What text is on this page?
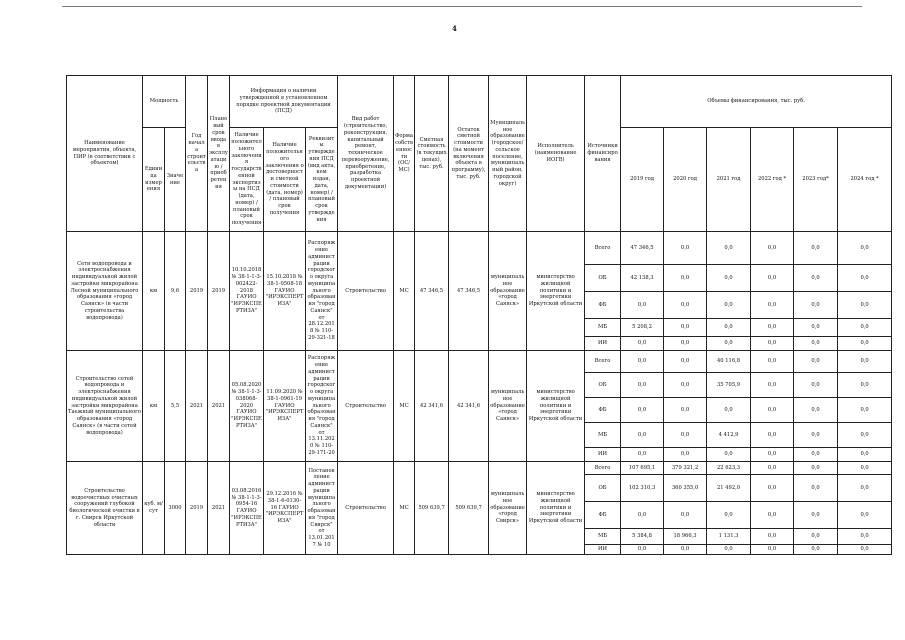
4
Наименование мероприятия, объекта, ПИР (в соответствии с объектом)	Мощность		Год начала строительства	Плановый срок ввода в эксплуатацию / приобретения	Информация о наличии утвержденной в установленном порядке проектной документации (ПСД)			Вид работ (строительство, реконструкция, капитальный ремонт, техническое перевооружение, приобретение, разработка проектной документации)	Форма собственности (ОС/МС)	Сметная стоимость (в текущих ценах), тыс. руб.	Остаток сметной стоимости (на момент включения объекта в программу), тыс. руб.	Муниципальное образование (городское/сельское поселение, муниципальный район, городской округ)	Исполнитель (наименование ИОГВ)	Источники финансирования	Объемы финансирования, тыс. руб.					
	Единица измерения	Значение			Наличие положительного заключения государственной экспертизы на ПСД (дата, номер) / плановый срок получения	Наличие положительного заключения о достоверности сметной стоимости (дата, номер) / плановый срок получения	Реквизиты утверждения ПСД (вид акта, кем издан, дата, номер) / плановый срок утверждения								2019 год	2020 год	2021 год	2022 год *	2023 год*	2024 год *

Сети водопровода и электроснабжения индивидуальной жилой застройки микрорайона Лесной муниципального образования «город Саянск» (в части строительства водопровода)	км	9,6	2019	2019	10.10.2018 № 38-1-1-3-002422-2018 ГАУИО "ИРЭКСПЕРТИЗА"	15.10.2018 № 38-1-0508-18 ГАУИО "ИРЭКСПЕРТИЗА"	Распоряжение администрации городского округа муниципального образования "город Саянск" от 28.12.2018 № 110-29-321-18	Строительство	МС	47 346,5	47 346,5	муниципальное образование «город Саянск»	министерство жилищной политики и энергетики Иркутской области	Всего	47 346,5	0,0	0,0	0,0	0,0	0,0
														ОБ	42 138,3	0,0	0,0	0,0	0,0	0,0
														ФБ	0,0	0,0	0,0	0,0	0,0	0,0
														МБ	5 208,2	0,0	0,0	0,0	0,0	0,0
														ИИ	0,0	0,0	0,0	0,0	0,0	0,0
Строительство сетей водопровода и электроснабжения индивидуальной жилой застройки микрорайона Таежный муниципального образования «город Саянск» (в части сетей водопровода)	км	5,5	2021	2021	05.08.2020 № 38-1-1-3-038068-2020 ГАУИО "ИРЭКСПЕРТИЗА"	11.09.2020 № 38-1-0961-19 ГАУИО "ИРЭКСПЕРТИЗА"	Распоряжение администрации городского округа муниципального образования "город Саянск" от 13.11.2020 № 110-29-171-20	Строительство	МС	42 341,6	42 341,6	муниципальное образование «город Саянск»	министерство жилищной политики и энергетики Иркутской области	Всего	0,0	0,0	40 116,8	0,0	0,0	0,0
														ОБ	0,0	0,0	35 705,9	0,0	0,0	0,0
														ФБ	0,0	0,0	0,0	0,0	0,0	0,0
														МБ	0,0	0,0	4 412,9	0,0	0,0	0,0
														ИИ	0,0	0,0	0,0	0,0	0,0	0,0
Строительство водоочистных очистных сооружений глубокой биологической очистки в г. Свирск Иркутской области	куб. м/сут	3000	2019	2021	03.08.2016 № 38-1-1-3-0954-16 ГАУИО "ИРЭКСПЕРТИЗА"	29.12.2016 № 38-1-6-0130-16 ГАУИО "ИРЭКСПЕРТИЗА"	Постановление администрации муниципального образования "город Свирск" от 13.01.2017 № 10	Строительство	МС	509 639,7	509 639,7	муниципальное образование «город Свирск»	министерство жилищной политики и энергетики Иркутской области	Всего	107 695,1	379 321,2	22 623,3	0,0	0,0	0,0
														ОБ	102 310,3	360 355,0	21 492,0	0,0	0,0	0,0
														ФБ	0,0	0,0	0,0	0,0	0,0	0,0
														МБ	5 384,8	18 966,3	1 131,3	0,0	0,0	0,0
														ИИ	0,0	0,0	0,0	0,0	0,0	0,0
